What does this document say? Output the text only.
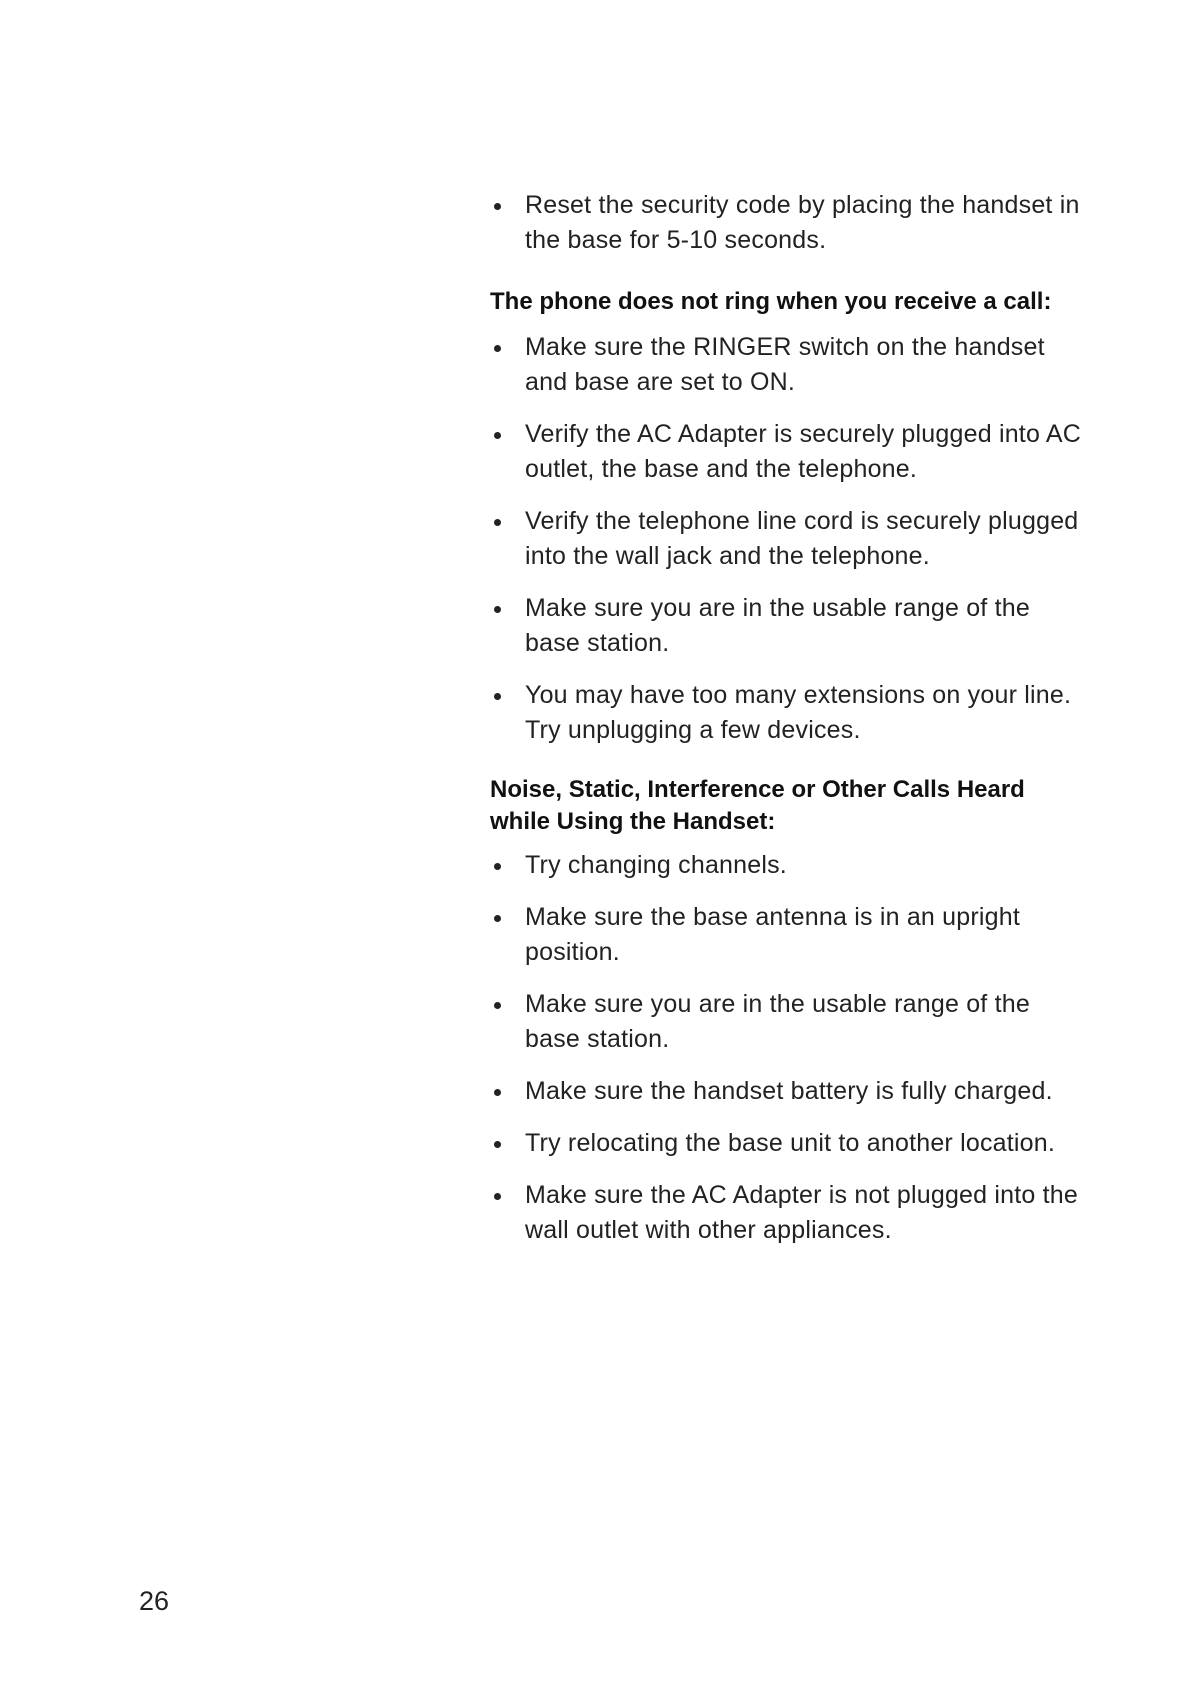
Reset the security code by placing the handset in the base for 5-10 seconds.
The phone does not ring when you receive a call:
Make sure the RINGER switch on the handset and base are set to ON.
Verify the AC Adapter is securely plugged into AC outlet, the base and the telephone.
Verify the telephone line cord is securely plugged into the wall jack and the telephone.
Make sure you are in the usable range of the base station.
You may have too many extensions on your line. Try unplugging a few devices.
Noise, Static, Interference or Other Calls Heard while Using the Handset:
Try changing channels.
Make sure the base antenna is in an upright position.
Make sure you are in the usable range of the base station.
Make sure the handset battery is fully charged.
Try relocating the base unit to another location.
Make sure the AC Adapter is not plugged into the wall outlet with other appliances.
26
